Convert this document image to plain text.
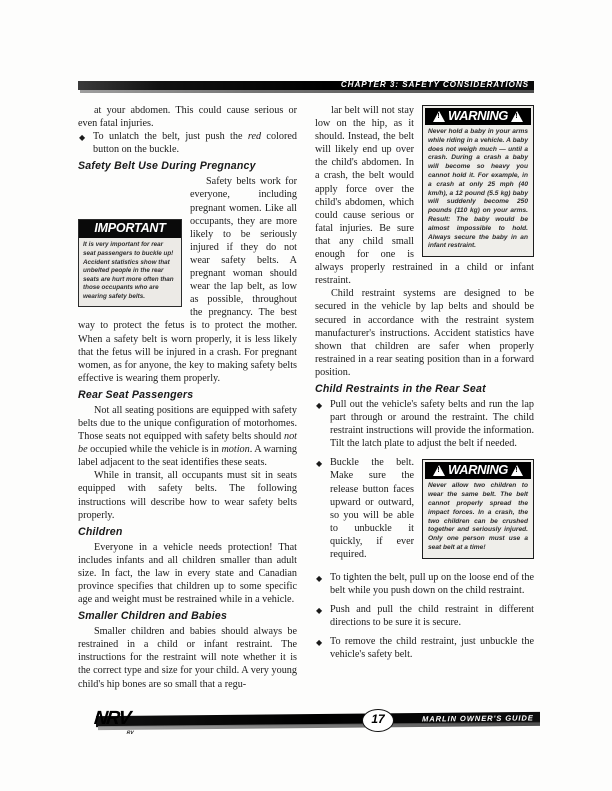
CHAPTER 3: SAFETY CONSIDERATIONS

at your abdomen. This could cause serious or even fatal injuries.

◆ To unlatch the belt, just push the red colored button on the buckle.
Safety Belt Use During Pregnancy
IMPORTANT
It is very important for rear seat passengers to buckle up! Accident statistics show that unbelted people in the rear seats are hurt more often than those occupants who are wearing safety belts.

Safety belts work for everyone, including pregnant women. Like all occupants, they are more likely to be seriously injured if they do not wear safety belts. A pregnant woman should wear the lap belt, as low as possible, throughout the pregnancy. The best way to protect the fetus is to protect the mother. When a safety belt is worn properly, it is less likely that the fetus will be injured in a crash. For pregnant women, as for anyone, the key to making safety belts effective is wearing them properly.

Rear Seat Passengers

Not all seating positions are equipped with safety belts due to the unique configuration of motorhomes. Those seats not equipped with safety belts should not be occupied while the vehicle is in motion. A warning label adjacent to the seat identifies these seats.

While in transit, all occupants must sit in seats equipped with safety belts. The following instructions will describe how to wear safety belts properly.

Children

Everyone in a vehicle needs protection! That includes infants and all children smaller than adult size. In fact, the law in every state and Canadian province specifies that children up to some specific age and weight must be restrained while in a vehicle.

Smaller Children and Babies

Smaller children and babies should always be restrained in a child or infant restraint. The instructions for the restraint will note whether it is the correct type and size for your child. A very young child's hip bones are so small that a regu-

!
WARNING
!
Never hold a baby in your arms while riding in a vehicle. A baby does not weigh much — until a crash. During a crash a baby will become so heavy you cannot hold it. For example, in a crash at only 25 mph (40 km/h), a 12 pound (5.5 kg) baby will suddenly become 250 pounds (110 kg) on your arms. Result: The baby would be almost impossible to hold. Always secure the baby in an infant restraint.

lar belt will not stay low on the hip, as it should. Instead, the belt will likely end up over the child's abdomen. In a crash, the belt would apply force over the child's abdomen, which could cause serious or fatal injuries. Be sure that any child small enough for one is always properly restrained in a child or infant restraint.

Child restraint systems are designed to be secured in the vehicle by lap belts and should be secured in accordance with the restraint system manufacturer's instructions. Accident statistics have shown that children are safer when properly restrained in a rear seating position than in a forward position.

Child Restraints in the Rear Seat
◆ Pull out the vehicle's safety belts and run the lap part through or around the restraint. The child restraint instructions will provide the information. Tilt the latch plate to adjust the belt if needed.
!
WARNING
!
Never allow two children to wear the same belt. The belt cannot properly spread the impact forces. In a crash, the two children can be crushed together and seriously injured. Only one person must use a seat belt at a time!
◆ Buckle the belt. Make sure the release button faces upward or outward, so you will be able to unbuckle it quickly, if ever required.
◆ To tighten the belt, pull up on the loose end of the belt while you push down on the child restraint.
◆ Push and pull the child restraint in different directions to be sure it is secure.
◆ To remove the child restraint, just unbuckle the vehicle's safety belt.
NRV
RV
17	MARLIN OWNER'S GUIDE
